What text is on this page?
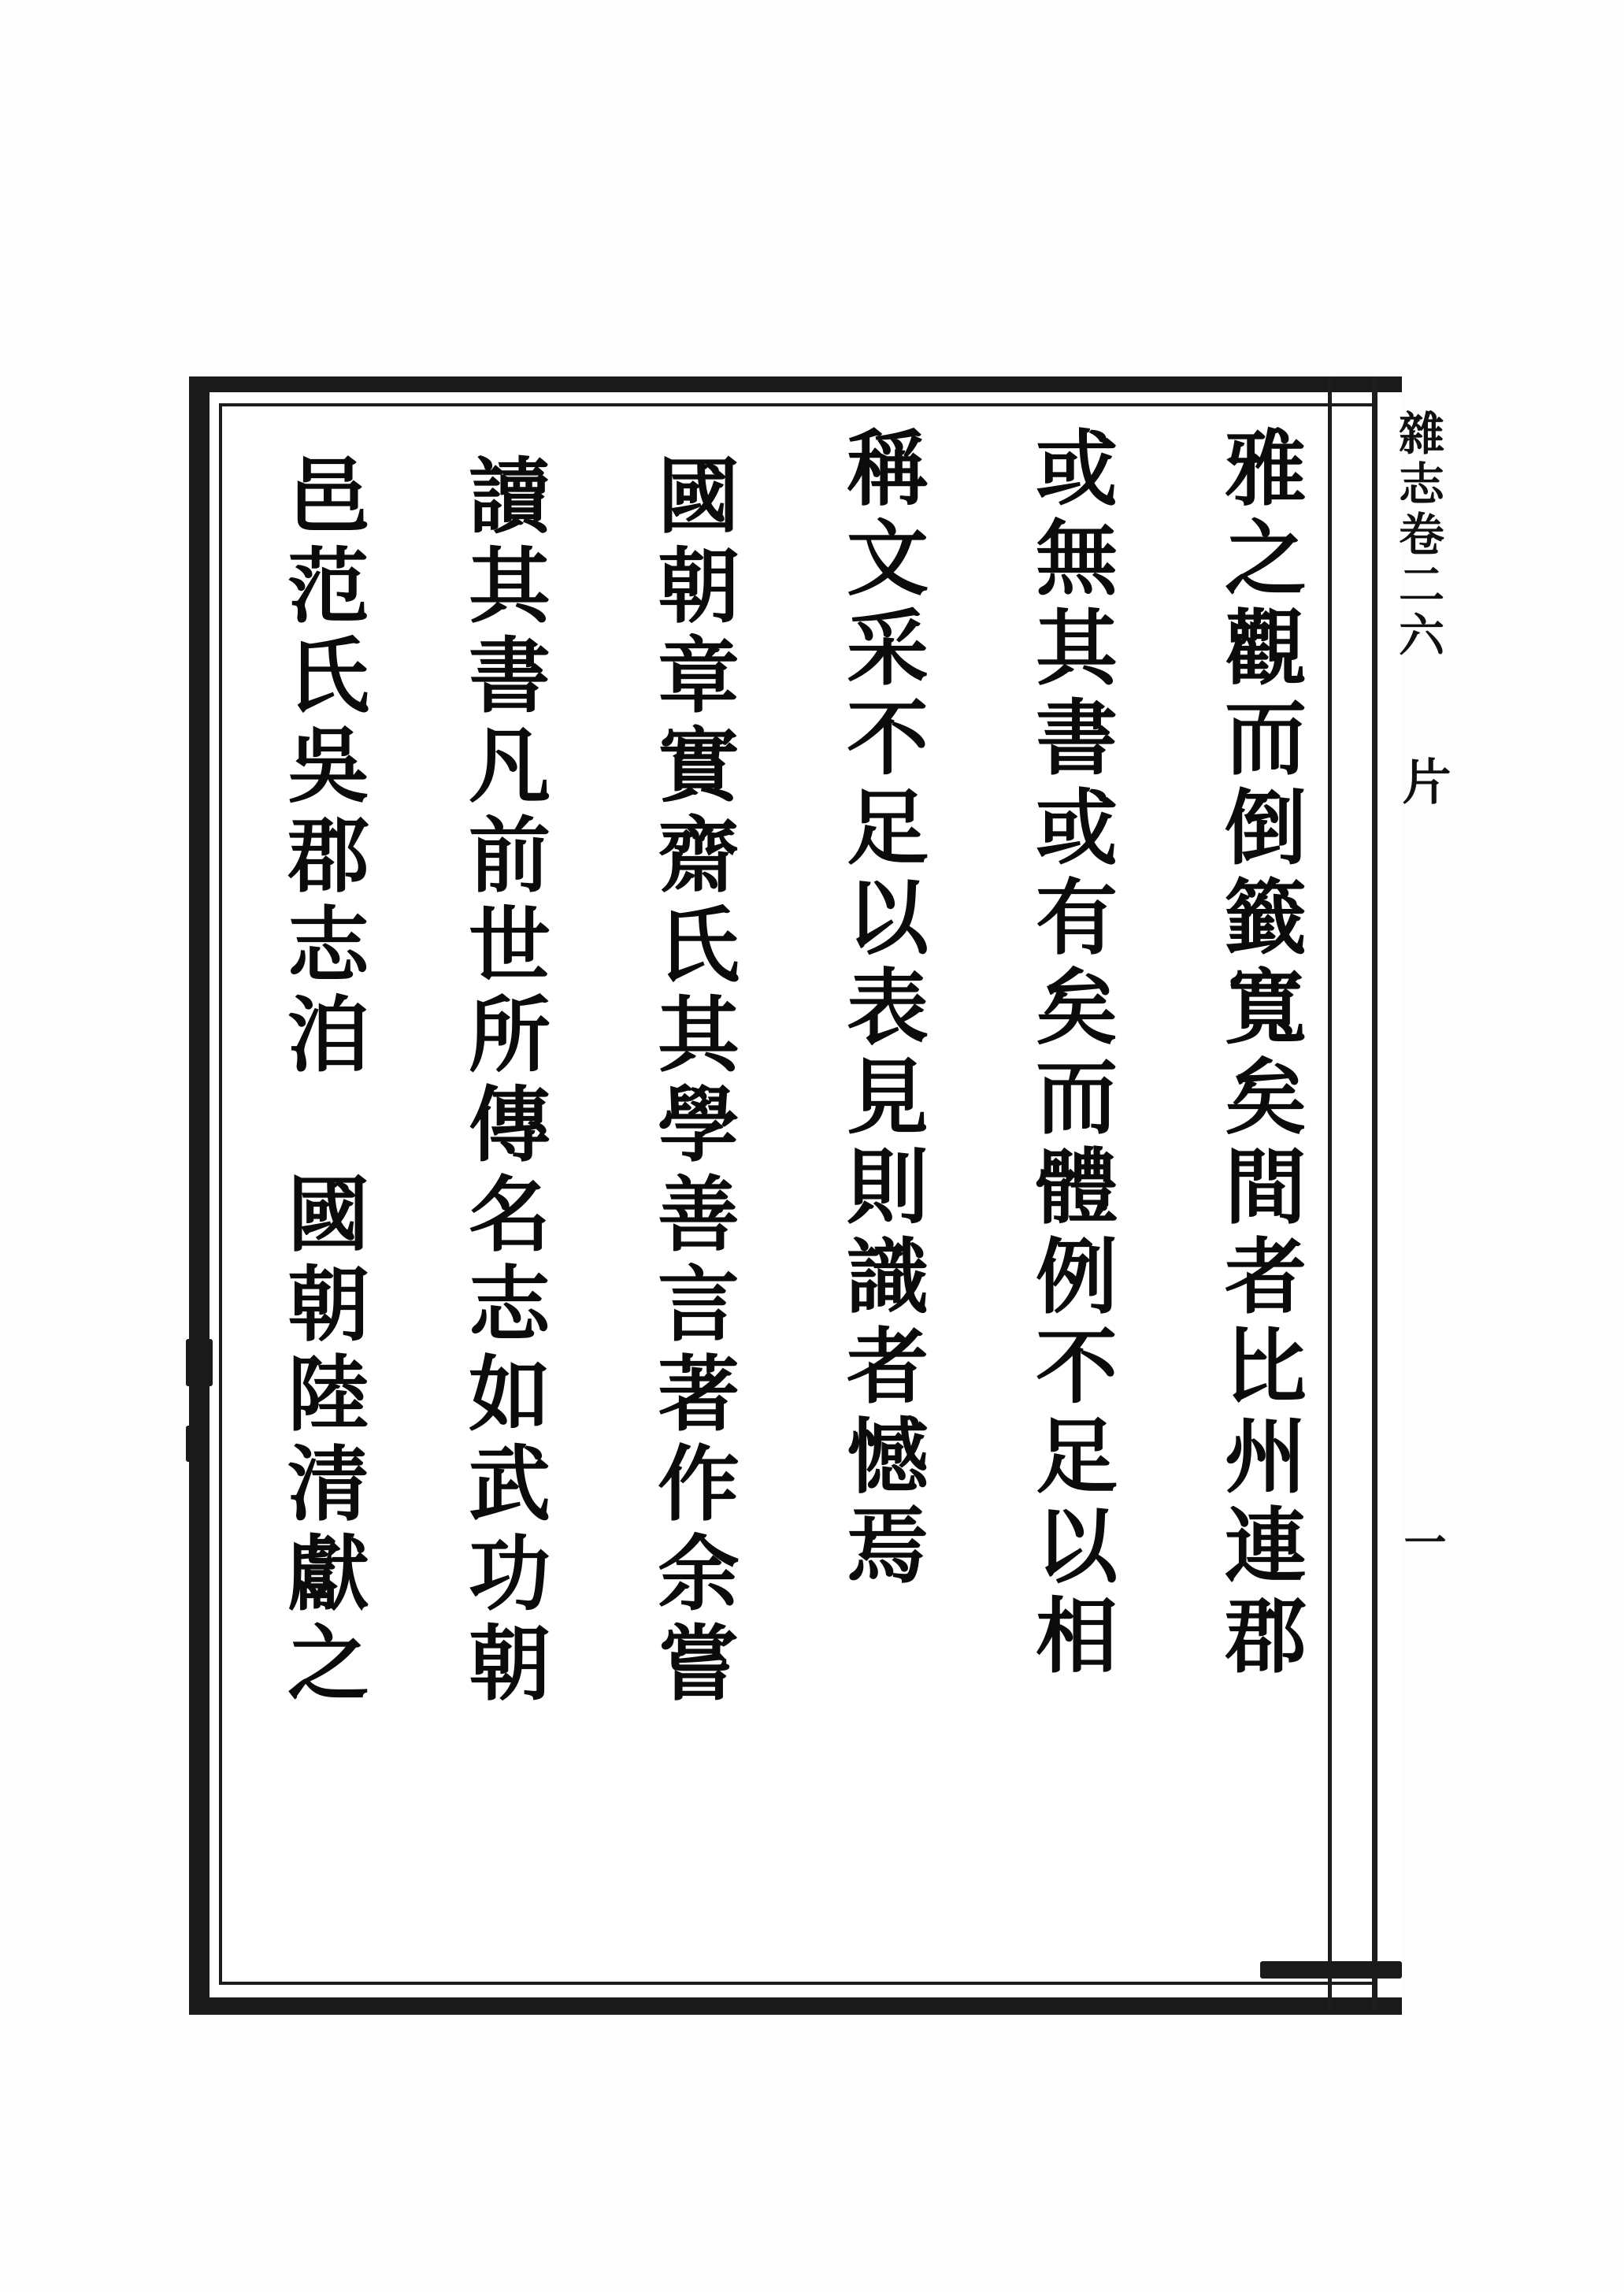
雅之觀而倒籤寬矣間者比州連郡
或無其書或有矣而體例不足以相
稱文采不足以表見則識者憾焉
國朝章實齋氏其學善言著作余嘗
讀其書凡前世所傳名志如武功朝
邑范氏吳郡志洎　國朝陸清獻之	雜志卷二六
片
一
